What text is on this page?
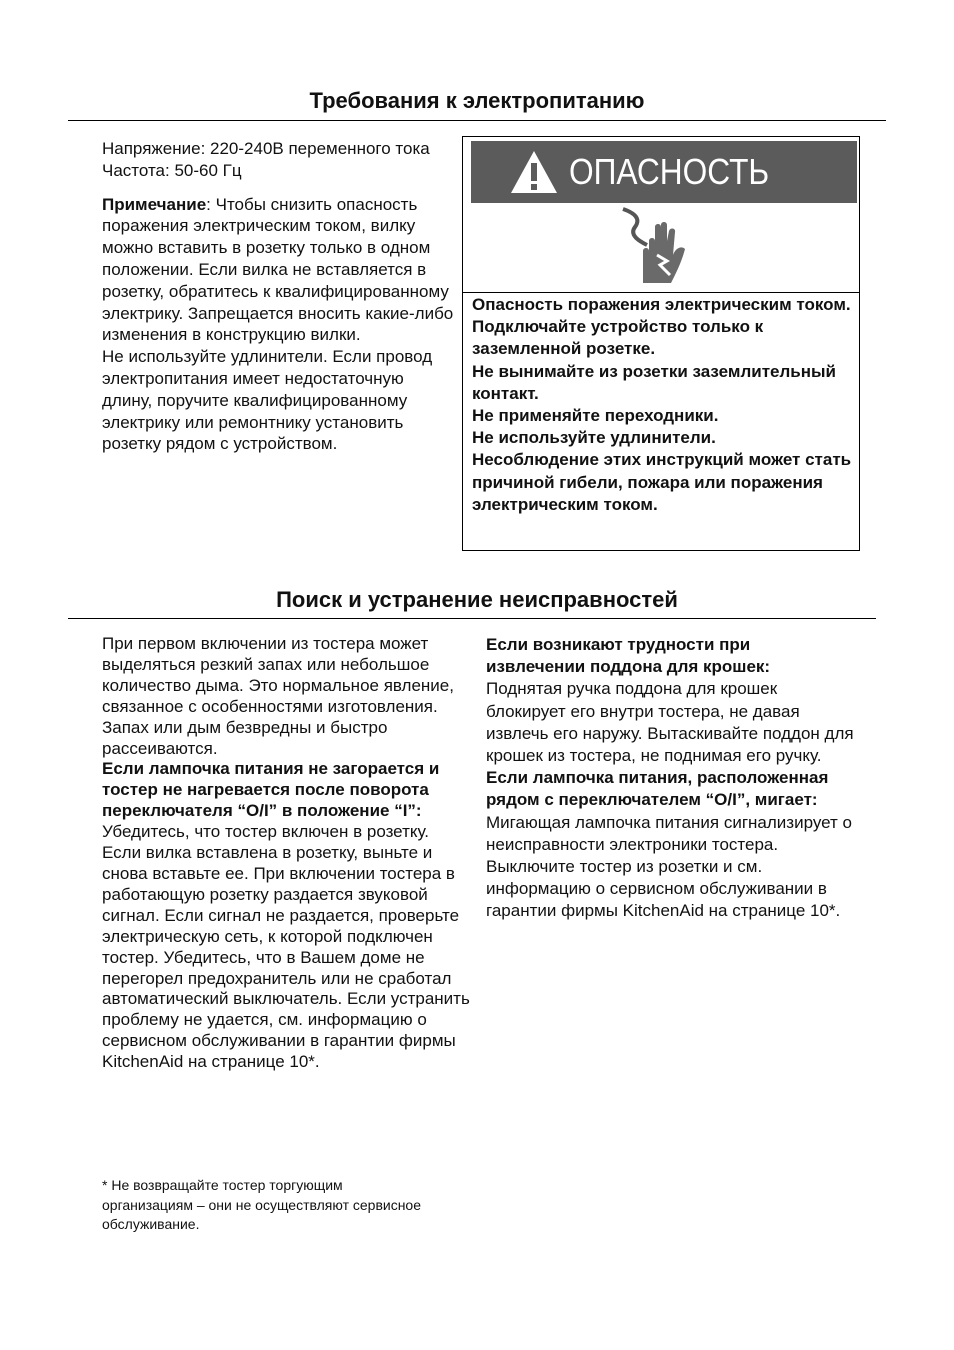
Требования к электропитанию

Напряжение: 220-240В переменного тока

Частота: 50-60 Гц

Примечание: Чтобы снизить опасность поражения электрическим током, вилку можно вставить в розетку только в одном положении. Если вилка не вставляется в розетку, обратитесь к квалифицированному электрику. Запрещается вносить какие-либо изменения в конструкцию вилки.

Не используйте удлинители. Если провод электропитания имеет недостаточную длину, поручите квалифицированному электрику или ремонтнику установить розетку рядом с устройством.

ОПАСНОСТЬ

Опасность поражения электрическим током.

Подключайте устройство только к заземленной розетке.

Не вынимайте из розетки заземлительный контакт.

Не применяйте переходники.

Не используйте удлинители.

Несоблюдение этих инструкций может стать причиной гибели, пожара или поражения электрическим током.

Поиск и устранение неисправностей

При первом включении из тостера может выделяться резкий запах или небольшое количество дыма. Это нормальное явление, связанное с особенностями изготовления. Запах или дым безвредны и быстро рассеиваются.

Если лампочка питания не загорается и тостер не нагревается после поворота переключателя “O/I” в положение “I”:

Убедитесь, что тостер включен в розетку. Если вилка вставлена в розетку, выньте и снова вставьте ее. При включении тостера в работающую розетку раздается звуковой сигнал. Если сигнал не раздается, проверьте электрическую сеть, к которой подключен тостер. Убедитесь, что в Вашем доме не перегорел предохранитель или не сработал автоматический выключатель. Если устранить проблему не удается, см. информацию о сервисном обслуживании в гарантии фирмы KitchenAid на странице 10*.

Если возникают трудности при извлечении поддона для крошек:

Поднятая ручка поддона для крошек блокирует его внутри тостера, не давая извлечь его наружу. Вытаскивайте поддон для крошек из тостера, не поднимая его ручку.

Если лампочка питания, расположенная рядом с переключателем “O/I”, мигает:

Мигающая лампочка питания сигнализирует о неисправности электроники тостера. Выключите тостер из розетки и см. информацию о сервисном обслуживании в гарантии фирмы KitchenAid на странице 10*.

* Не возвращайте тостер торгующим организациям – они не осуществляют сервисное обслуживание.
